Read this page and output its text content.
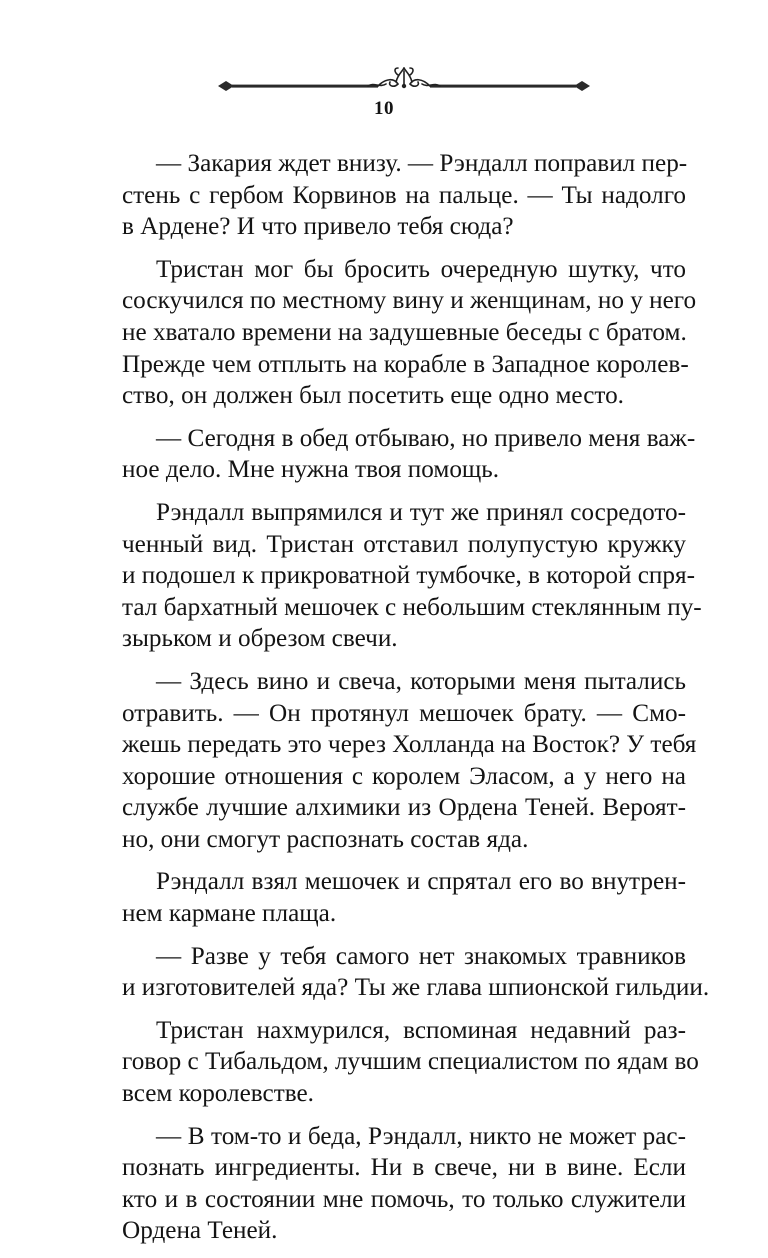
10

— Закария ждет внизу. — Рэндалл поправил пер-
стень с гербом Корвинов на пальце. — Ты надолго
в Ардене? И что привело тебя сюда?

Тристан мог бы бросить очередную шутку, что
соскучился по местному вину и женщинам, но у него
не хватало времени на задушевные беседы с братом.
Прежде чем отплыть на корабле в Западное королев-
ство, он должен был посетить еще одно место.

— Сегодня в обед отбываю, но привело меня важ-
ное дело. Мне нужна твоя помощь.

Рэндалл выпрямился и тут же принял сосредото-
ченный вид. Тристан отставил полупустую кружку
и подошел к прикроватной тумбочке, в которой спря-
тал бархатный мешочек с небольшим стеклянным пу-
зырьком и обрезом свечи.

— Здесь вино и свеча, которыми меня пытались
отравить. — Он протянул мешочек брату. — Смо-
жешь передать это через Холланда на Восток? У тебя
хорошие отношения с королем Эласом, а у него на
службе лучшие алхимики из Ордена Теней. Вероят-
но, они смогут распознать состав яда.

Рэндалл взял мешочек и спрятал его во внутрен-
нем кармане плаща.

— Разве у тебя самого нет знакомых травников
и изготовителей яда? Ты же глава шпионской гильдии.

Тристан нахмурился, вспоминая недавний раз-
говор с Тибальдом, лучшим специалистом по ядам во
всем королевстве.

— В том-то и беда, Рэндалл, никто не может рас-
познать ингредиенты. Ни в свече, ни в вине. Если
кто и в состоянии мне помочь, то только служители
Ордена Теней.
